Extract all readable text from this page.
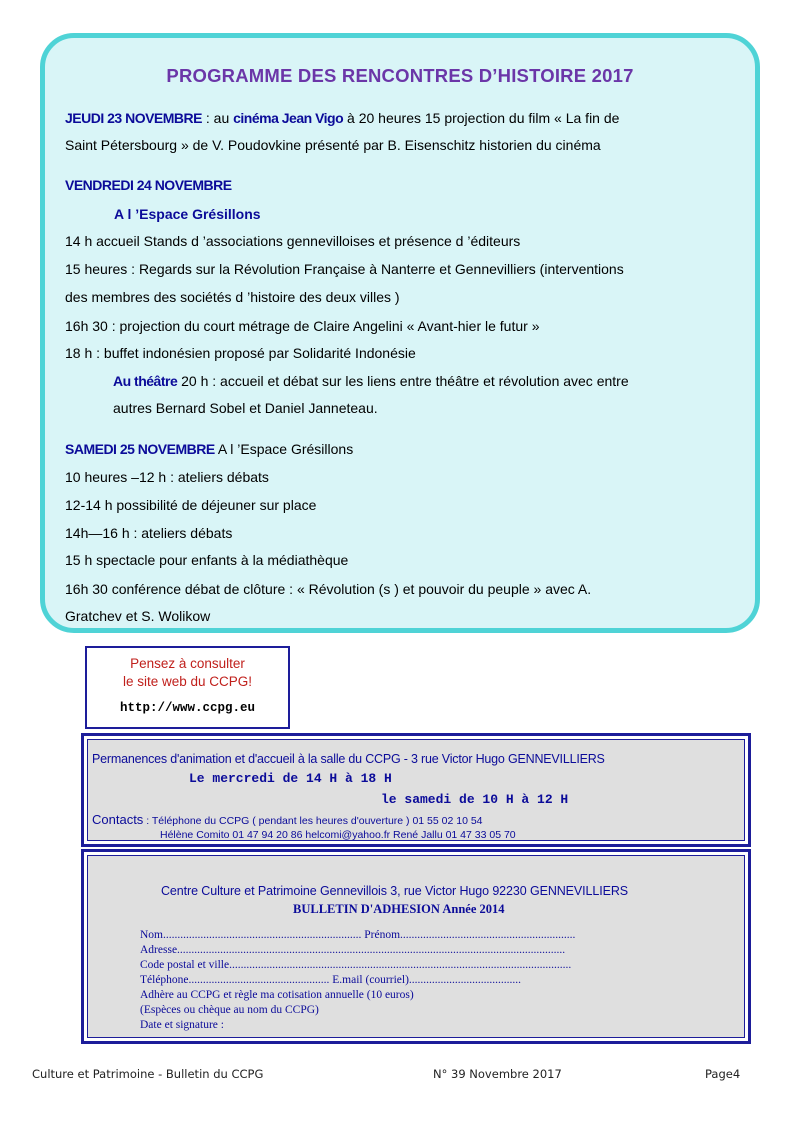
PROGRAMME DES RENCONTRES D’HISTOIRE 2017
JEUDI 23 NOVEMBRE : au cinéma Jean Vigo à 20 heures 15 projection du film « La fin de
Saint Pétersbourg » de V. Poudovkine présenté par B. Eisenschitz historien du cinéma
VENDREDI 24 NOVEMBRE
A l ’Espace Grésillons
14 h accueil Stands d ’associations gennevilloises et présence d ’éditeurs
15 heures : Regards sur la Révolution Française à Nanterre et Gennevilliers (interventions
des membres des sociétés d ’histoire des deux villes )
16h 30 : projection du court métrage de Claire Angelini « Avant-hier le futur »
18 h : buffet indonésien proposé par Solidarité Indonésie
Au théâtre 20 h : accueil et débat sur les liens entre théâtre et révolution avec entre
autres Bernard Sobel et Daniel Janneteau.
SAMEDI 25 NOVEMBRE A l ’Espace Grésillons
10 heures –12 h : ateliers débats
12-14 h possibilité de déjeuner sur place
14h—16 h : ateliers débats
15 h spectacle pour enfants à la médiathèque
16h 30 conférence débat de clôture : « Révolution (s ) et pouvoir du peuple » avec A.
Gratchev et S. Wolikow
Pensez à consulter
le site web du CCPG!
http://www.ccpg.eu
Permanences d'animation et d'accueil à la salle du CCPG - 3 rue Victor Hugo GENNEVILLIERS
Le mercredi de 14 H à 18 H
le samedi de 10 H à 12 H
Contacts : Téléphone du CCPG ( pendant les heures d'ouverture ) 01 55 02 10 54
Hélène Comito 01 47 94 20 86 helcomi@yahoo.fr René Jallu 01 47 33 05 70
Centre Culture et Patrimoine Gennevillois 3, rue Victor Hugo 92230 GENNEVILLIERS
BULLETIN D'ADHESION Année 2014
Nom..................................................................... Prénom.............................................................
Adresse.......................................................................................................................................
Code postal et ville.......................................................................................................................
Téléphone................................................. E.mail (courriel).......................................
Adhère au CCPG et règle ma cotisation annuelle (10 euros)
(Espèces ou chèque au nom du CCPG)
Date et signature :
Culture et Patrimoine - Bulletin du CCPG	N° 39 Novembre 2017	Page4
